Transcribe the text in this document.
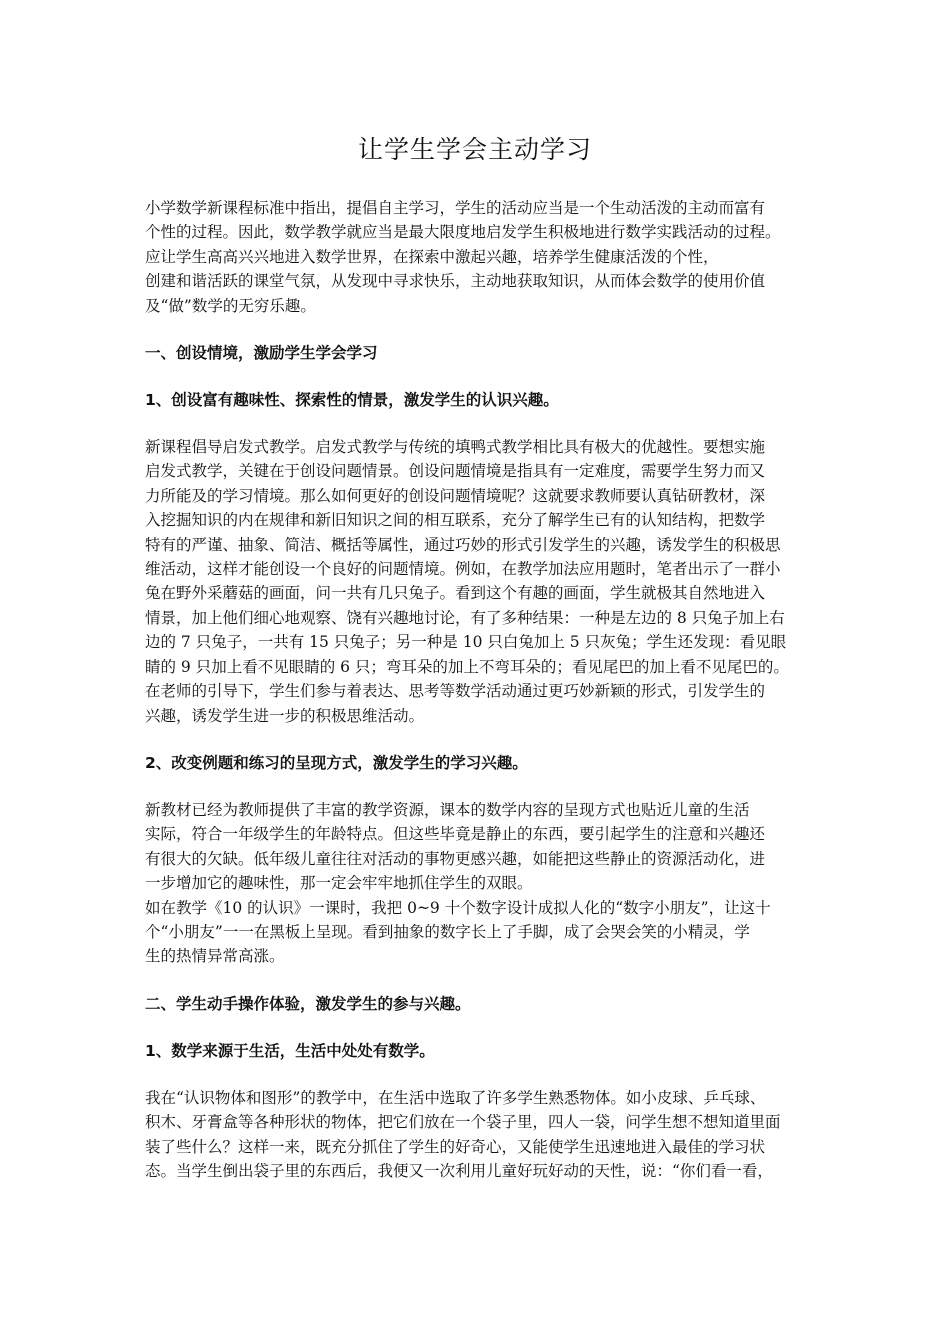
让学生学会主动学习

小学数学新课程标准中指出，提倡自主学习，学生的活动应当是一个生动活泼的主动而富有
个性的过程。因此，数学教学就应当是最大限度地启发学生积极地进行数学实践活动的过程。
应让学生高高兴兴地进入数学世界，在探索中激起兴趣，培养学生健康活泼的个性，
创建和谐活跃的课堂气氛，从发现中寻求快乐，主动地获取知识，从而体会数学的使用价值
及“做”数学的无穷乐趣。

一、创设情境，激励学生学会学习

1、创设富有趣味性、探索性的情景，激发学生的认识兴趣。

新课程倡导启发式教学。启发式教学与传统的填鸭式教学相比具有极大的优越性。要想实施
启发式教学，关键在于创设问题情景。创设问题情境是指具有一定难度，需要学生努力而又
力所能及的学习情境。那么如何更好的创设问题情境呢？这就要求教师要认真钻研教材，深
入挖掘知识的内在规律和新旧知识之间的相互联系，充分了解学生已有的认知结构，把数学
特有的严谨、抽象、简洁、概括等属性，通过巧妙的形式引发学生的兴趣，诱发学生的积极思
维活动，这样才能创设一个良好的问题情境。例如，在教学加法应用题时，笔者出示了一群小
兔在野外采蘑菇的画面，问一共有几只兔子。看到这个有趣的画面，学生就极其自然地进入
情景，加上他们细心地观察、饶有兴趣地讨论，有了多种结果：一种是左边的 8 只兔子加上右
边的 7 只兔子，一共有 15 只兔子；另一种是 10 只白兔加上 5 只灰兔；学生还发现：看见眼
睛的 9 只加上看不见眼睛的 6 只；弯耳朵的加上不弯耳朵的；看见尾巴的加上看不见尾巴的。
在老师的引导下，学生们参与着表达、思考等数学活动通过更巧妙新颖的形式，引发学生的
兴趣，诱发学生进一步的积极思维活动。

2、改变例题和练习的呈现方式，激发学生的学习兴趣。

新教材已经为教师提供了丰富的教学资源，课本的数学内容的呈现方式也贴近儿童的生活
实际，符合一年级学生的年龄特点。但这些毕竟是静止的东西，要引起学生的注意和兴趣还
有很大的欠缺。低年级儿童往往对活动的事物更感兴趣，如能把这些静止的资源活动化，进
一步增加它的趣味性，那一定会牢牢地抓住学生的双眼。
如在教学《10 的认识》一课时，我把 0~9 十个数字设计成拟人化的“数字小朋友”，让这十
个“小朋友”一一在黑板上呈现。看到抽象的数字长上了手脚，成了会哭会笑的小精灵，学
生的热情异常高涨。

二、学生动手操作体验，激发学生的参与兴趣。

1、数学来源于生活，生活中处处有数学。

我在“认识物体和图形”的教学中，在生活中选取了许多学生熟悉物体。如小皮球、乒乓球、
积木、牙膏盒等各种形状的物体，把它们放在一个袋子里，四人一袋，问学生想不想知道里面
装了些什么？这样一来，既充分抓住了学生的好奇心，又能使学生迅速地进入最佳的学习状
态。当学生倒出袋子里的东西后，我便又一次利用儿童好玩好动的天性，说：“你们看一看，
